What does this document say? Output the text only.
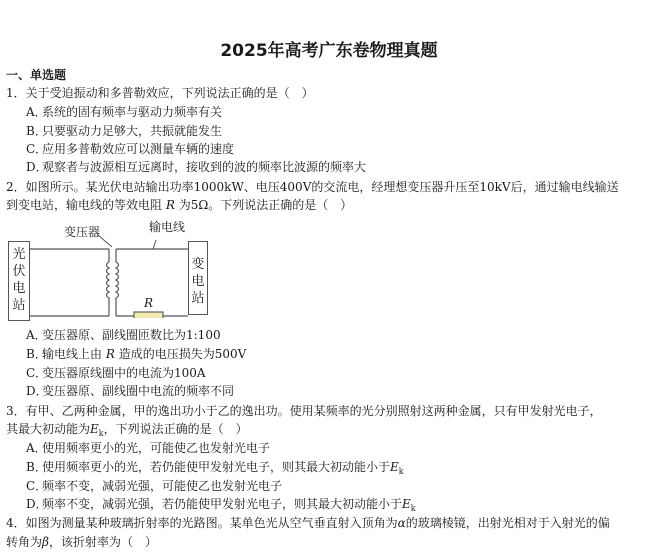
2025年高考广东卷物理真题
一、单选题
1．关于受迫振动和多普勒效应，下列说法正确的是（　）
A．系统的固有频率与驱动力频率有关
B．只要驱动力足够大，共振就能发生
C．应用多普勒效应可以测量车辆的速度
D．观察者与波源相互远离时，接收到的波的频率比波源的频率大
2．如图所示。某光伏电站输出功率1000kW、电压400V的交流电，经理想变压器升压至10kV后，通过输电线输送
到变电站，输电线的等效电阻 R 为5Ω。下列说法正确的是（　）
光
伏
电
站
变
电
站
变压器	输电线
R
A．变压器原、副线圈匝数比为1:100
B．输电线上由 R 造成的电压损失为500V
C．变压器原线圈中的电流为100A
D．变压器原、副线圈中电流的频率不同
3．有甲、乙两种金属，甲的逸出功小于乙的逸出功。使用某频率的光分别照射这两种金属，只有甲发射光电子，
其最大初动能为$E_k$，下列说法正确的是（　）
A．使用频率更小的光，可能使乙也发射光电子
B．使用频率更小的光，若仍能使甲发射光电子，则其最大初动能小于$E_k$
C．频率不变，减弱光强，可能使乙也发射光电子
D．频率不变，减弱光强，若仍能使甲发射光电子，则其最大初动能小于$E_k$
4．如图为测量某种玻璃折射率的光路图。某单色光从空气垂直射入顶角为α的玻璃棱镜，出射光相对于入射光的偏
转角为β，该折射率为（　）
